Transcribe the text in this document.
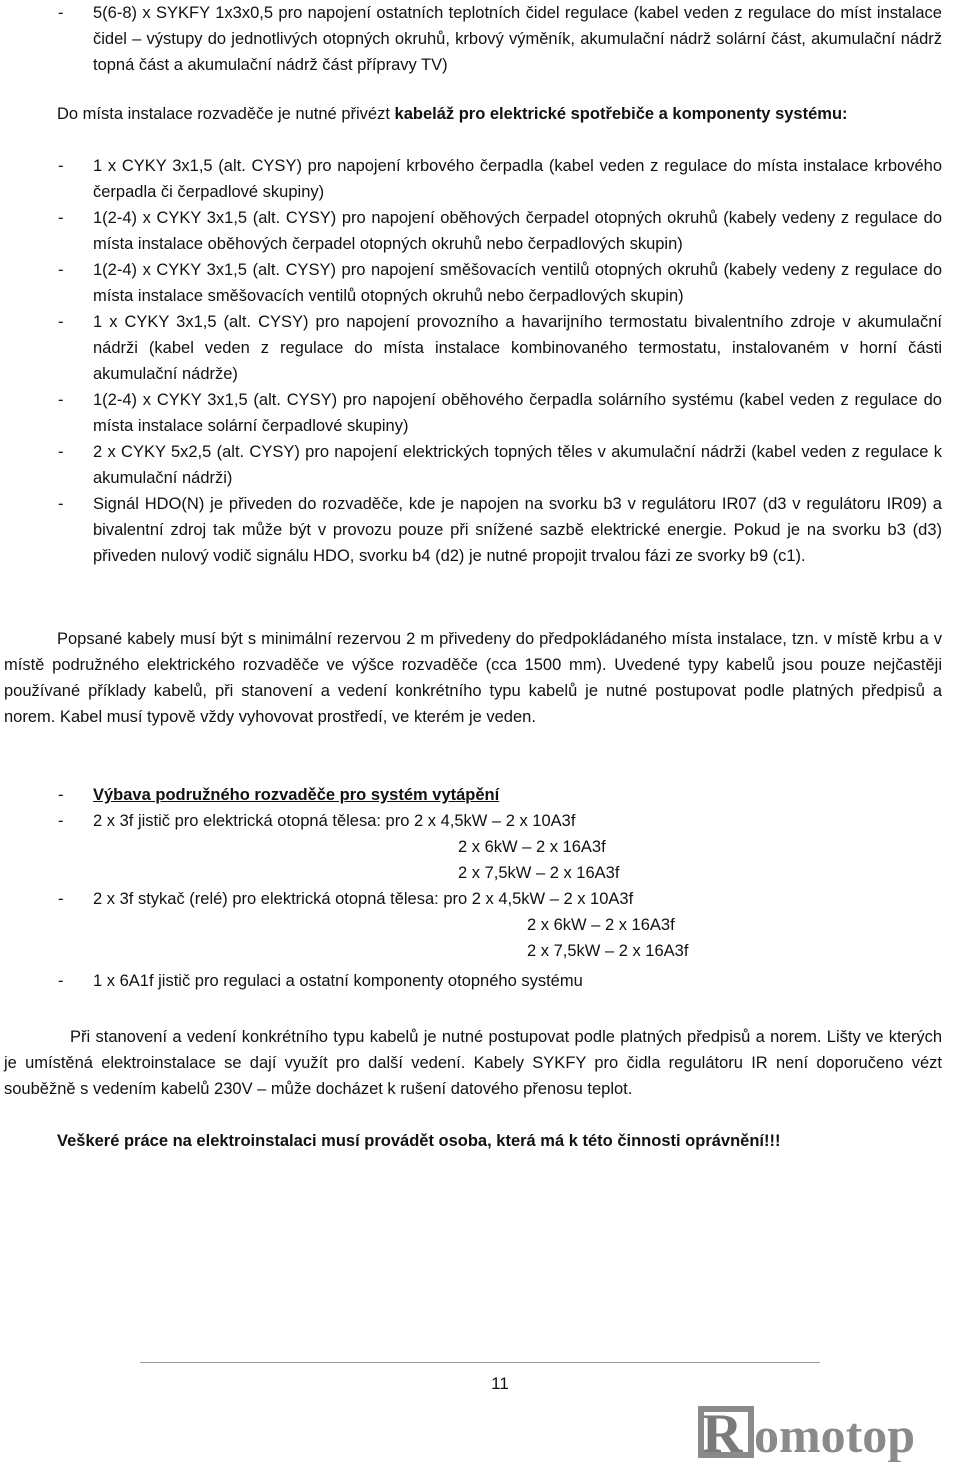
- 5(6-8) x SYKFY 1x3x0,5 pro napojení ostatních teplotních čidel regulace (kabel veden z regulace do míst instalace čidel – výstupy do jednotlivých otopných okruhů, krbový výměník, akumulační nádrž solární část, akumulační nádrž topná část a akumulační nádrž část přípravy TV)

Do místa instalace rozvaděče je nutné přivézt kabeláž pro elektrické spotřebiče a komponenty systému:

- 1 x CYKY 3x1,5 (alt. CYSY) pro napojení krbového čerpadla (kabel veden z regulace do místa instalace krbového čerpadla či čerpadlové skupiny)
- 1(2-4) x CYKY 3x1,5 (alt. CYSY) pro napojení oběhových čerpadel otopných okruhů (kabely vedeny z regulace do místa instalace oběhových čerpadel otopných okruhů nebo čerpadlových skupin)
- 1(2-4) x CYKY 3x1,5 (alt. CYSY) pro napojení směšovacích ventilů otopných okruhů (kabely vedeny z regulace do místa instalace směšovacích ventilů otopných okruhů nebo čerpadlových skupin)
- 1 x CYKY 3x1,5 (alt. CYSY) pro napojení provozního a havarijního termostatu bivalentního zdroje v akumulační nádrži (kabel veden z regulace do místa instalace kombinovaného termostatu, instalovaném v horní části akumulační nádrže)
- 1(2-4) x CYKY 3x1,5 (alt. CYSY) pro napojení oběhového čerpadla solárního systému (kabel veden z regulace do místa instalace solární čerpadlové skupiny)
- 2 x CYKY 5x2,5 (alt. CYSY) pro napojení elektrických topných těles v akumulační nádrži (kabel veden z regulace k akumulační nádrži)
- Signál HDO(N) je přiveden do rozvaděče, kde je napojen na svorku b3 v regulátoru IR07 (d3 v regulátoru IR09) a bivalentní zdroj tak může být v provozu pouze při snížené sazbě elektrické energie. Pokud je na svorku b3 (d3) přiveden nulový vodič signálu HDO, svorku b4 (d2) je nutné propojit trvalou fázi ze svorky b9 (c1).

Popsané kabely musí být s minimální rezervou 2 m přivedeny do předpokládaného místa instalace, tzn. v místě krbu a v místě podružného elektrického rozvaděče ve výšce rozvaděče (cca 1500 mm). Uvedené typy kabelů jsou pouze nejčastěji používané příklady kabelů, při stanovení a vedení konkrétního typu kabelů je nutné postupovat podle platných předpisů a norem. Kabel musí typově vždy vyhovovat prostředí, ve kterém je veden.

- Výbava podružného rozvaděče pro systém vytápění
- 2 x 3f jistič pro elektrická otopná tělesa: pro 2 x 4,5kW – 2 x 10A3f
2 x 6kW – 2 x 16A3f
2 x 7,5kW – 2 x 16A3f
- 2 x 3f stykač (relé) pro elektrická otopná tělesa: pro 2 x 4,5kW – 2 x 10A3f
2 x 6kW – 2 x 16A3f
2 x 7,5kW – 2 x 16A3f
- 1 x 6A1f jistič pro regulaci a ostatní komponenty otopného systému

Při stanovení a vedení konkrétního typu kabelů je nutné postupovat podle platných předpisů a norem. Lišty ve kterých je umístěná elektroinstalace se dají využít pro další vedení. Kabely SYKFY pro čidla regulátoru IR není doporučeno vézt souběžně s vedením kabelů 230V – může docházet k rušení datového přenosu teplot.

Veškeré práce na elektroinstalaci musí provádět osoba, která má k této činnosti oprávnění!!!

11
R omotop
